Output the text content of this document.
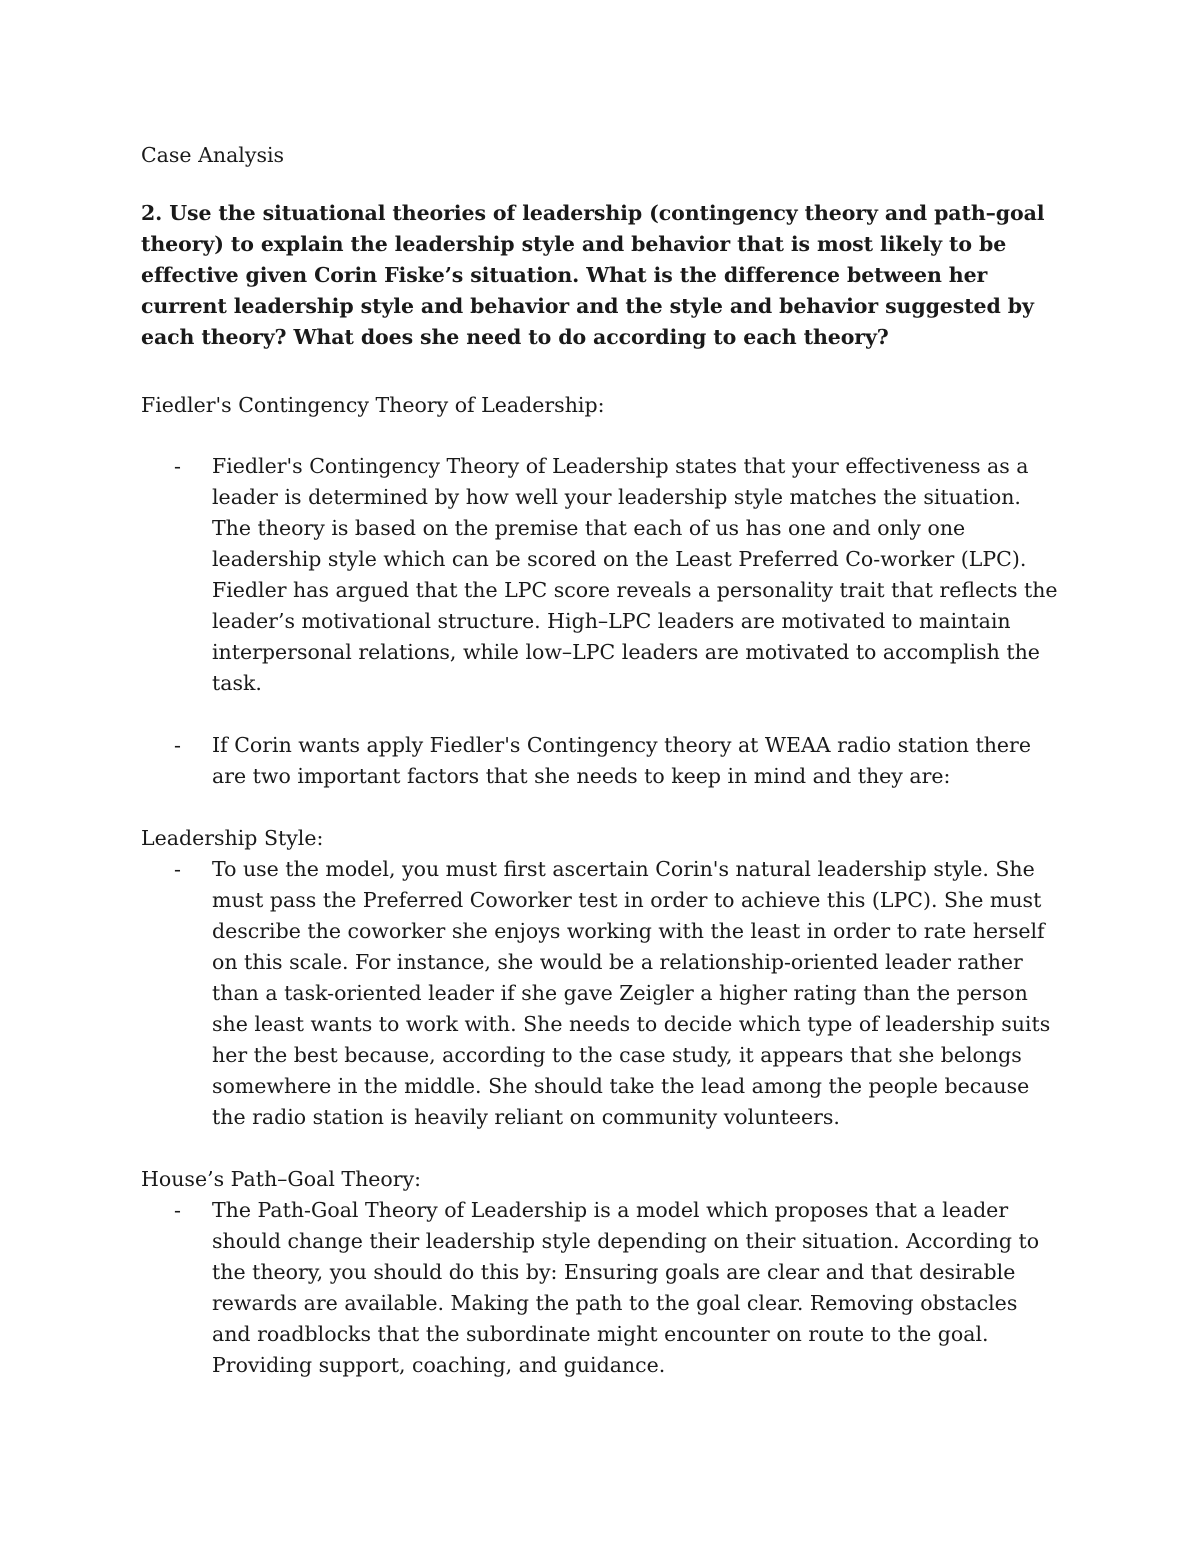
Case Analysis

2. Use the situational theories of leadership (contingency theory and path–goal theory) to explain the leadership style and behavior that is most likely to be effective given Corin Fiske’s situation. What is the difference between her current leadership style and behavior and the style and behavior suggested by each theory? What does she need to do according to each theory?

Fiedler's Contingency Theory of Leadership:

- Fiedler's Contingency Theory of Leadership states that your effectiveness as a leader is determined by how well your leadership style matches the situation. The theory is based on the premise that each of us has one and only one leadership style which can be scored on the Least Preferred Co-worker (LPC). Fiedler has argued that the LPC score reveals a personality trait that reflects the leader’s motivational structure. High–LPC leaders are motivated to maintain interpersonal relations, while low–LPC leaders are motivated to accomplish the task.
- If Corin wants apply Fiedler's Contingency theory at WEAA radio station there are two important factors that she needs to keep in mind and they are:

Leadership Style:

- To use the model, you must first ascertain Corin's natural leadership style. She must pass the Preferred Coworker test in order to achieve this (LPC). She must describe the coworker she enjoys working with the least in order to rate herself on this scale. For instance, she would be a relationship-oriented leader rather than a task-oriented leader if she gave Zeigler a higher rating than the person she least wants to work with. She needs to decide which type of leadership suits her the best because, according to the case study, it appears that she belongs somewhere in the middle. She should take the lead among the people because the radio station is heavily reliant on community volunteers.

House’s Path–Goal Theory:

- The Path-Goal Theory of Leadership is a model which proposes that a leader should change their leadership style depending on their situation. According to the theory, you should do this by: Ensuring goals are clear and that desirable rewards are available. Making the path to the goal clear. Removing obstacles and roadblocks that the subordinate might encounter on route to the goal. Providing support, coaching, and guidance.
